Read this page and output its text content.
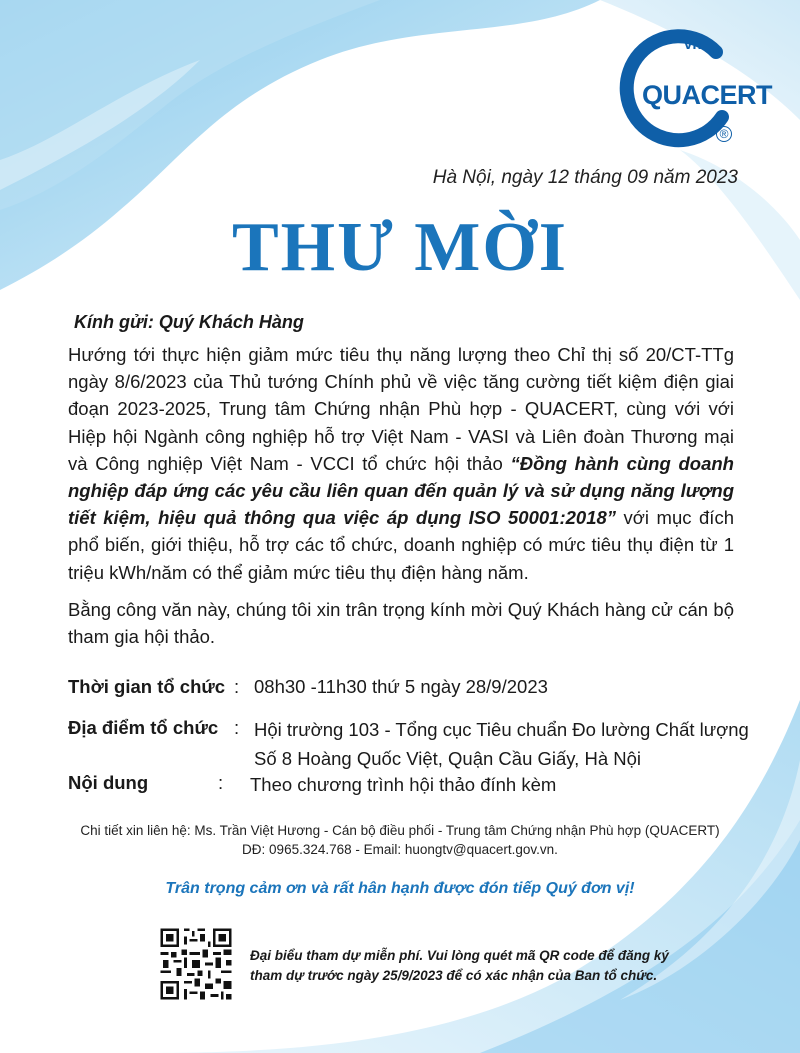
vn
QUACERT
®
Hà Nội, ngày 12 tháng 09 năm 2023
THƯ MỜI

Kính gửi: Quý Khách Hàng

Hướng tới thực hiện giảm mức tiêu thụ năng lượng theo Chỉ thị số 20/CT-TTg ngày 8/6/2023 của Thủ tướng Chính phủ về việc tăng cường tiết kiệm điện giai đoạn 2023-2025, Trung tâm Chứng nhận Phù hợp - QUACERT, cùng với với Hiệp hội Ngành công nghiệp hỗ trợ Việt Nam - VASI và Liên đoàn Thương mại và Công nghiệp Việt Nam - VCCI tổ chức hội thảo “Đồng hành cùng doanh nghiệp đáp ứng các yêu cầu liên quan đến quản lý và sử dụng năng lượng tiết kiệm, hiệu quả thông qua việc áp dụng ISO 50001:2018” với mục đích phổ biến, giới thiệu, hỗ trợ các tổ chức, doanh nghiệp có mức tiêu thụ điện từ 1 triệu kWh/năm có thể giảm mức tiêu thụ điện hàng năm.

Bằng công văn này, chúng tôi xin trân trọng kính mời Quý Khách hàng cử cán bộ tham gia hội thảo.

Thời gian tổ chức : 08h30 -11h30 thứ 5 ngày 28/9/2023
Địa điểm tổ chức : Hội trường 103 - Tổng cục Tiêu chuẩn Đo lường Chất lượng
Số 8 Hoàng Quốc Việt, Quận Cầu Giấy, Hà Nội
Nội dung	: Theo chương trình hội thảo đính kèm
Chi tiết xin liên hệ: Ms. Trần Việt Hương - Cán bộ điều phối - Trung tâm Chứng nhận Phù hợp (QUACERT)
DĐ: 0965.324.768 - Email: huongtv@quacert.gov.vn.
Trân trọng cảm ơn và rất hân hạnh được đón tiếp Quý đơn vị!
Đại biểu tham dự miễn phí. Vui lòng quét mã QR code để đăng ký
tham dự trước ngày 25/9/2023 để có xác nhận của Ban tổ chức.
